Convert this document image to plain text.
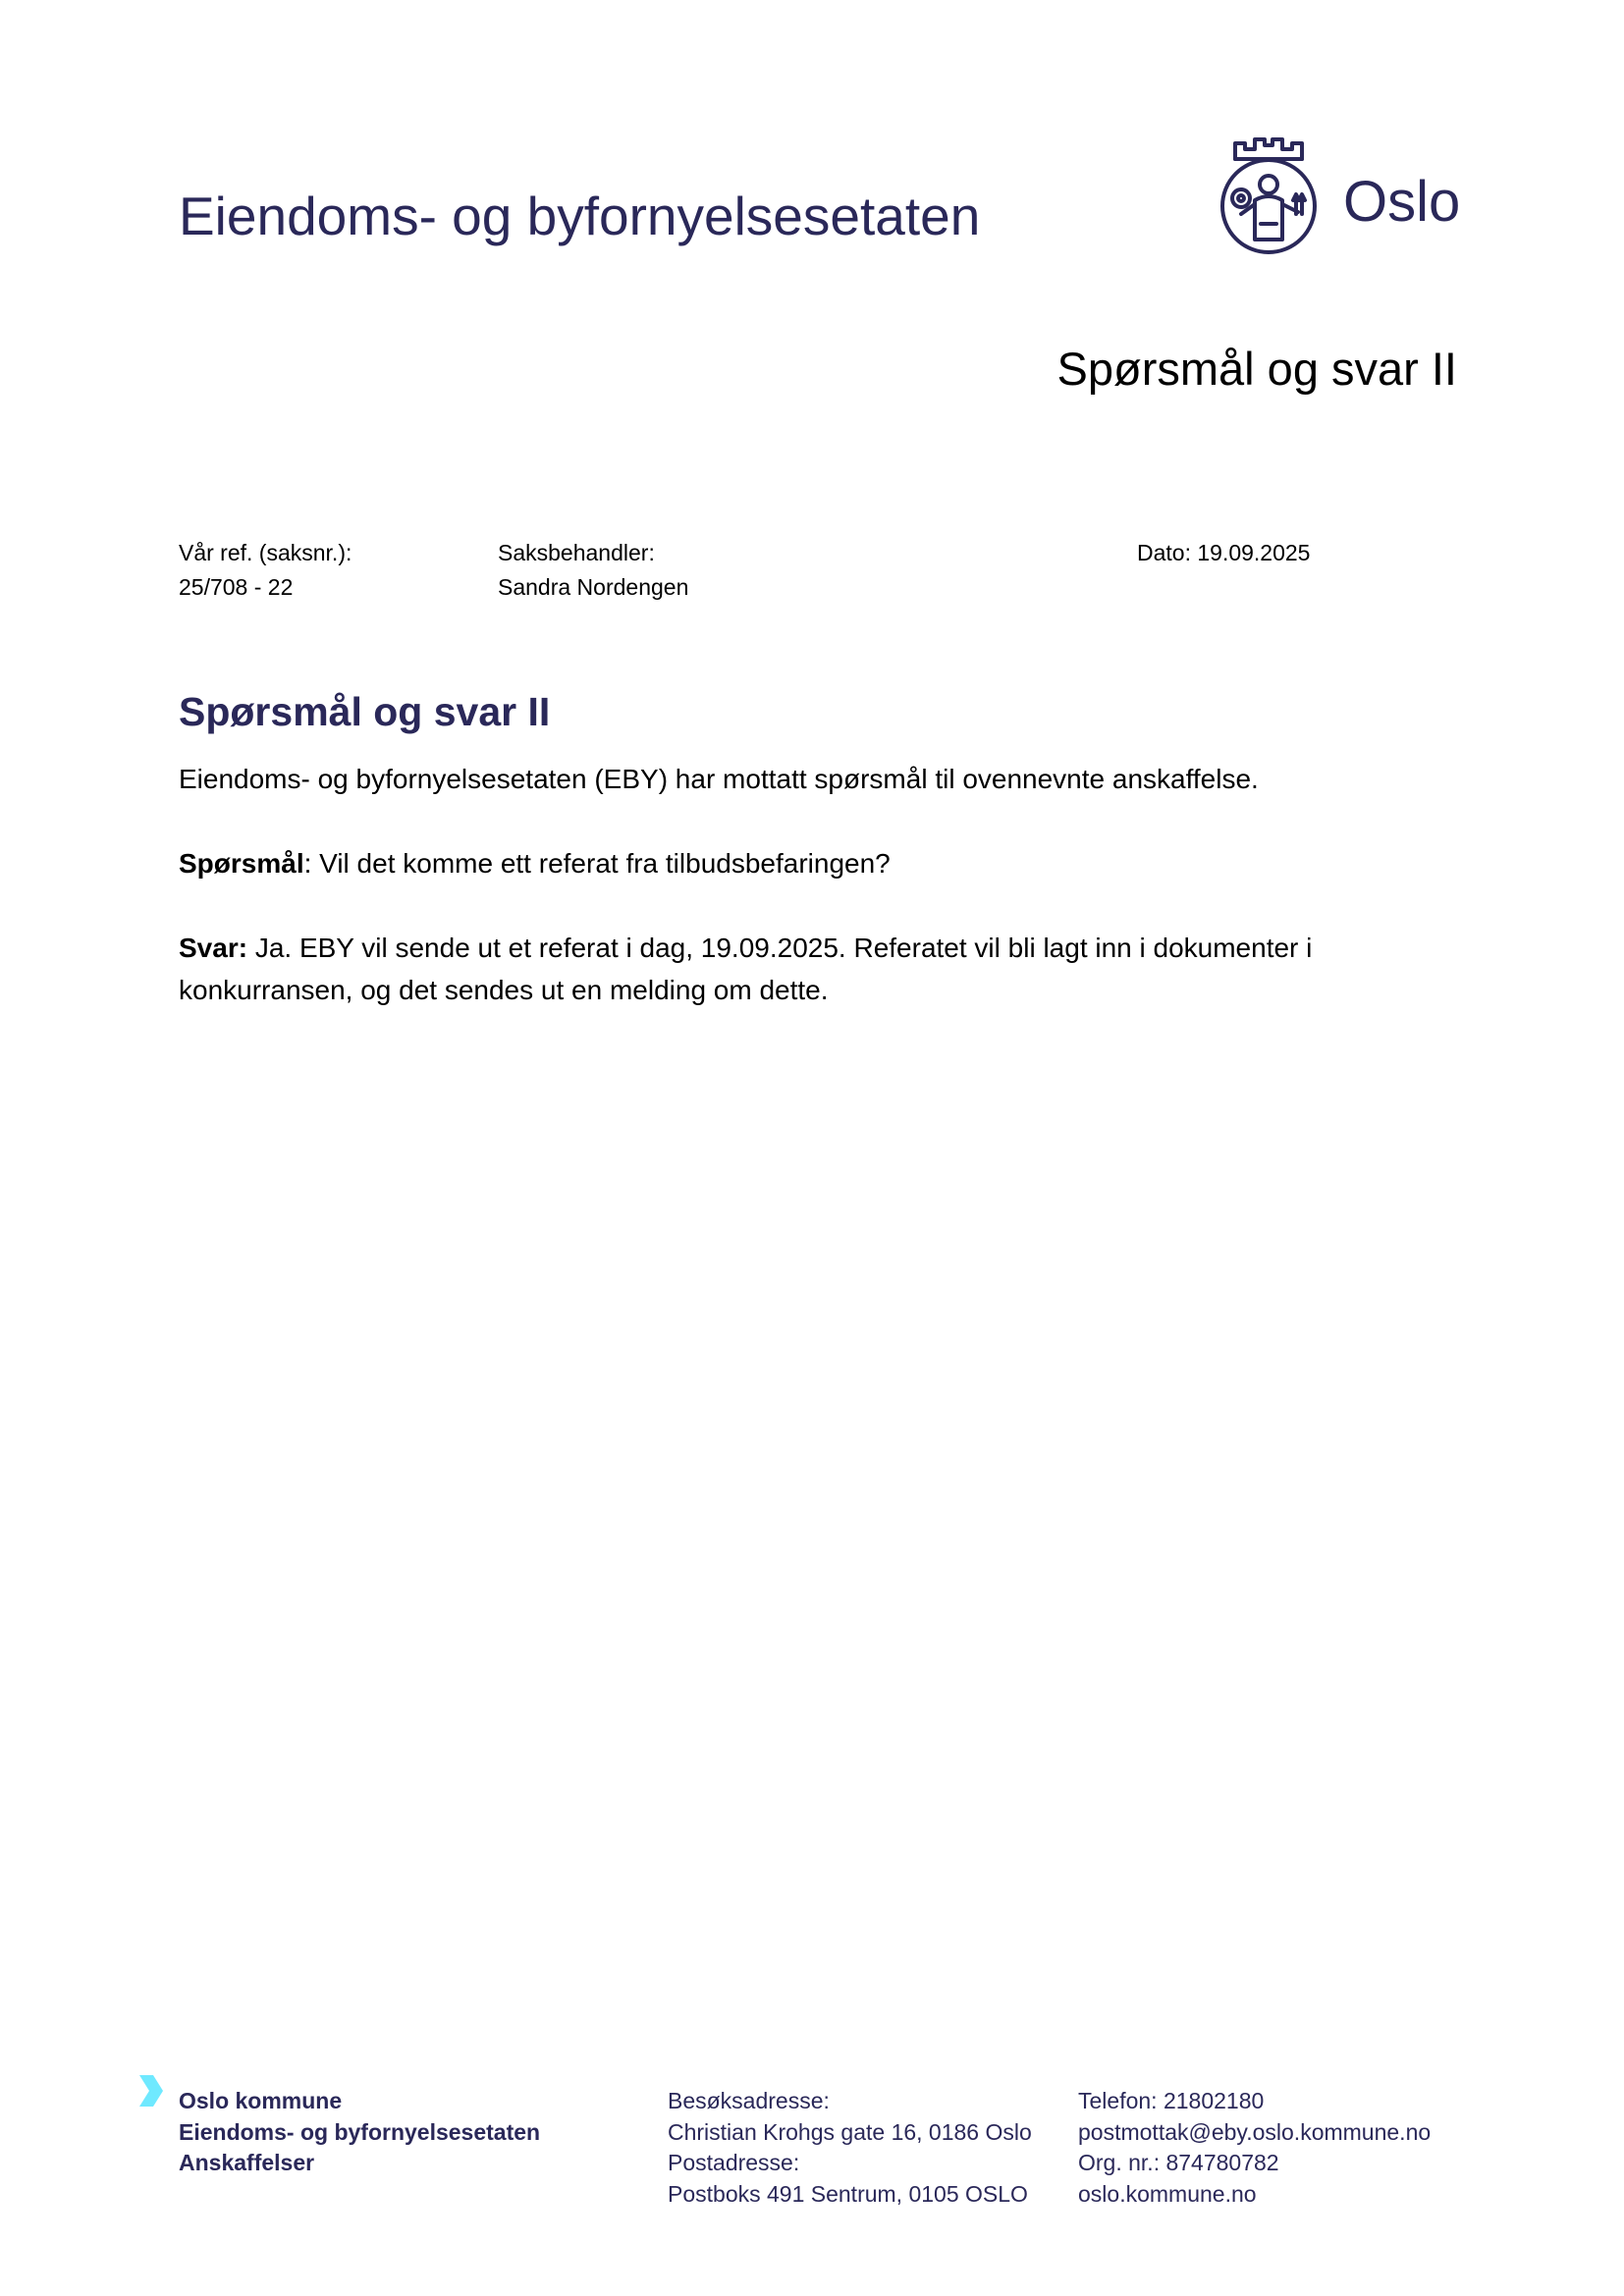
Eiendoms- og byfornyelsesetaten	Oslo
Spørsmål og svar II
Vår ref. (saksnr.):
25/708 - 22
Saksbehandler:
Sandra Nordengen
Dato: 19.09.2025
Spørsmål og svar II
Eiendoms- og byfornyelsesetaten (EBY) har mottatt spørsmål til ovennevnte anskaffelse.
Spørsmål: Vil det komme ett referat fra tilbudsbefaringen?
Svar: Ja. EBY vil sende ut et referat i dag, 19.09.2025. Referatet vil bli lagt inn i dokumenter i konkurransen, og det sendes ut en melding om dette.
Oslo kommune
Eiendoms- og byfornyelsesetaten
Anskaffelser
Besøksadresse:
Christian Krohgs gate 16, 0186 Oslo
Postadresse:
Postboks 491 Sentrum, 0105 OSLO
Telefon: 21802180
postmottak@eby.oslo.kommune.no
Org. nr.: 874780782
oslo.kommune.no
